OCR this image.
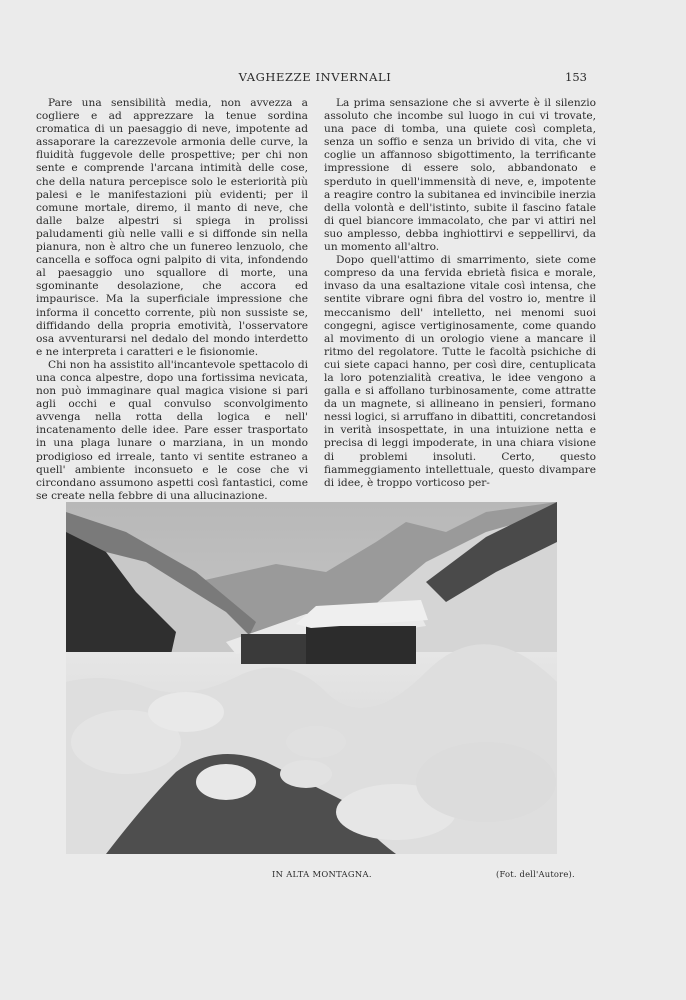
VAGHEZZE INVERNALI	153

Pare una sensibilità media, non avvezza a cogliere e ad apprezzare la tenue sordina cromatica di un paesaggio di neve, impotente ad assaporare la carezzevole armonia delle curve, la fluidità fuggevole delle prospettive; per chi non sente e comprende l'arcana intimità delle cose, che della natura percepisce solo le esteriorità più palesi e le manifestazioni più evidenti; per il comune mortale, diremo, il manto di neve, che dalle balze alpestri si spiega in prolissi paludamenti giù nelle valli e si diffonde sin nella pianura, non è altro che un funereo lenzuolo, che cancella e soffoca ogni palpito di vita, infondendo al paesaggio uno squallore di morte, una sgominante desolazione, che accora ed impaurisce. Ma la superficiale impressione che informa il concetto corrente, più non sussiste se, diffidando della propria emotività, l'osservatore osa avventurarsi nel dedalo del mondo interdetto e ne interpreta i caratteri e le fisionomie.

Chi non ha assistito all'incantevole spettacolo di una conca alpestre, dopo una fortissima nevicata, non può immaginare qual magica visione si pari agli occhi e qual convulso sconvolgimento avvenga nella rotta della logica e nell' incatenamento delle idee. Pare esser trasportato in una plaga lunare o marziana, in un mondo prodigioso ed irreale, tanto vi sentite estraneo a quell' ambiente inconsueto e le cose che vi circondano assumono aspetti così fantastici, come se create nella febbre di una allucinazione.

La prima sensazione che si avverte è il silenzio assoluto che incombe sul luogo in cui vi trovate, una pace di tomba, una quiete così completa, senza un soffio e senza un brivido di vita, che vi coglie un affannoso sbigottimento, la terrificante impressione di essere solo, abbandonato e sperduto in quell'immensità di neve, e, impotente a reagire contro la subitanea ed invincibile inerzia della volontà e dell'istinto, subite il fascino fatale di quel biancore immacolato, che par vi attiri nel suo amplesso, debba inghiottirvi e seppellirvi, da un momento all'altro.

Dopo quell'attimo di smarrimento, siete come compreso da una fervida ebrietà fisica e morale, invaso da una esaltazione vitale così intensa, che sentite vibrare ogni fibra del vostro io, mentre il meccanismo dell' intelletto, nei menomi suoi congegni, agisce vertiginosamente, come quando al movimento di un orologio viene a mancare il ritmo del regolatore. Tutte le facoltà psichiche di cui siete capaci hanno, per così dire, centuplicata la loro potenzialità creativa, le idee vengono a galla e si affollano turbinosamente, come attratte da un magnete, si allineano in pensieri, formano nessi logici, si arruffano in dibattiti, concretandosi in verità insospettate, in una intuizione netta e precisa di leggi impoderate, in una chiara visione di problemi insoluti. Certo, questo fiammeggiamento intellettuale, questo divampare di idee, è troppo vorticoso per-

IN ALTA MONTAGNA.	(Fot. dell'Autore).
